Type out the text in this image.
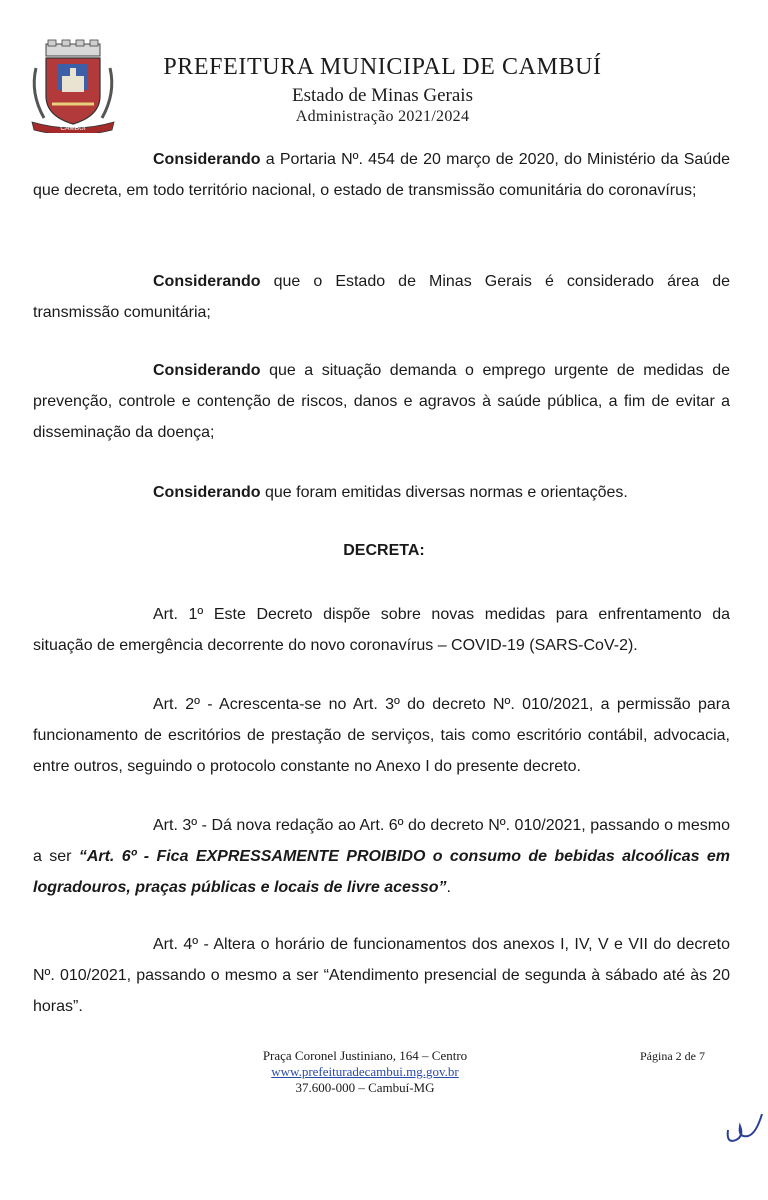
CAMBUÍ
PREFEITURA MUNICIPAL DE CAMBUÍ
Estado de Minas Gerais
Administração 2021/2024
Considerando a Portaria Nº. 454 de 20 março de 2020, do Ministério da Saúde que decreta, em todo território nacional, o estado de transmissão comunitária do coronavírus;
Considerando que o Estado de Minas Gerais é considerado área de transmissão comunitária;
Considerando que a situação demanda o emprego urgente de medidas de prevenção, controle e contenção de riscos, danos e agravos à saúde pública, a fim de evitar a disseminação da doença;
Considerando que foram emitidas diversas normas e orientações.
DECRETA:
Art. 1º Este Decreto dispõe sobre novas medidas para enfrentamento da situação de emergência decorrente do novo coronavírus – COVID-19 (SARS-CoV-2).
Art. 2º - Acrescenta-se no Art. 3º do decreto Nº. 010/2021, a permissão para funcionamento de escritórios de prestação de serviços, tais como escritório contábil, advocacia, entre outros, seguindo o protocolo constante no Anexo I do presente decreto.
Art. 3º - Dá nova redação ao Art. 6º do decreto Nº. 010/2021, passando o mesmo a ser “Art. 6º - Fica EXPRESSAMENTE PROIBIDO o consumo de bebidas alcoólicas em logradouros, praças públicas e locais de livre acesso”.
Art. 4º - Altera o horário de funcionamentos dos anexos I, IV, V e VII do decreto Nº. 010/2021, passando o mesmo a ser “Atendimento presencial de segunda à sábado até às 20 horas”.
Praça Coronel Justiniano, 164 – Centro
www.prefeituradecambui.mg.gov.br
37.600-000 – Cambuí-MG
Página 2 de 7
